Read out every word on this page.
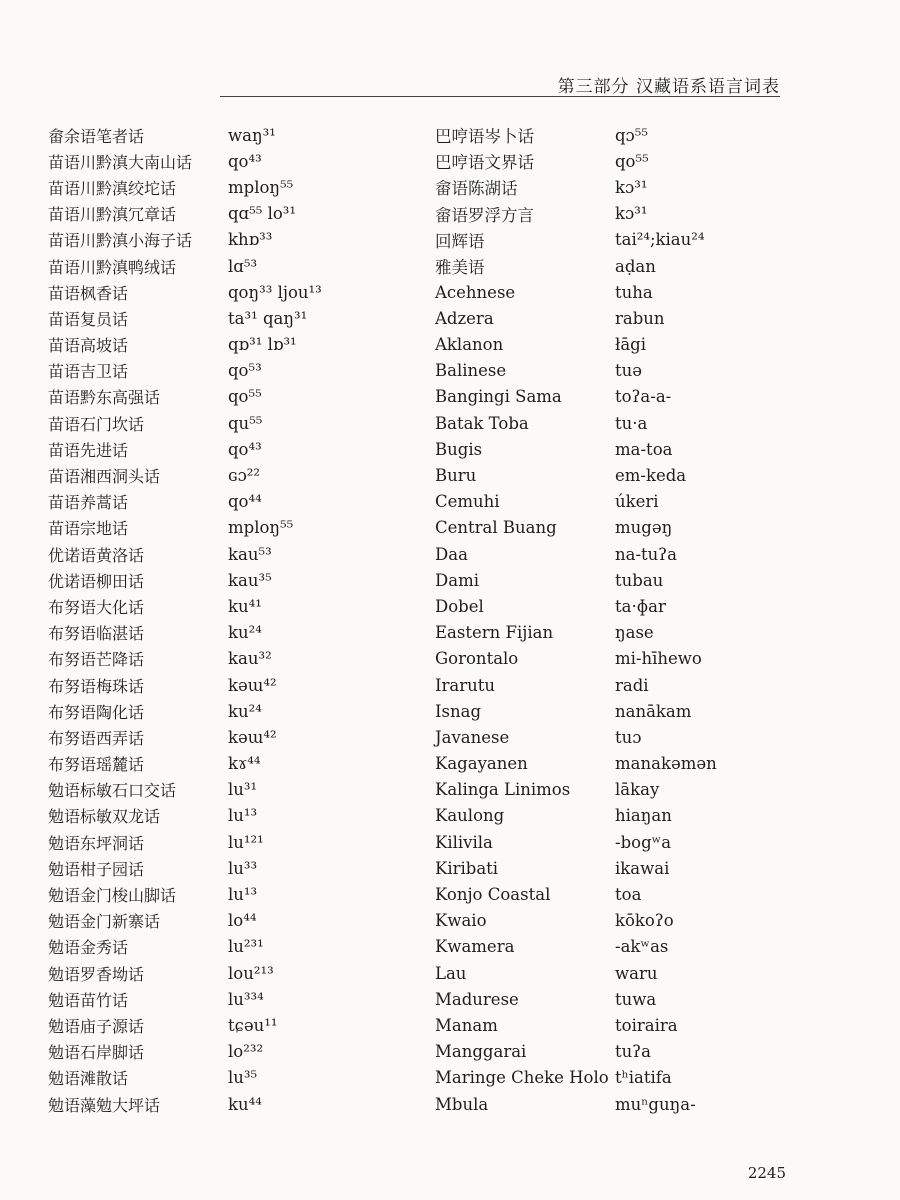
第三部分 汉藏语系语言词表
畲余语笔者话	waŋ³¹
苗语川黔滇大南山话	qo⁴³
苗语川黔滇绞坨话	mploŋ⁵⁵
苗语川黔滇冗章话	qɑ⁵⁵ lo³¹
苗语川黔滇小海子话	khɒ³³
苗语川黔滇鸭绒话	lɑ⁵³
苗语枫香话	qoŋ³³ ljou¹³
苗语复员话	ta³¹ qaŋ³¹
苗语高坡话	qɒ³¹ lɒ³¹
苗语吉卫话	qo⁵³
苗语黔东高强话	qo⁵⁵
苗语石门坎话	qu⁵⁵
苗语先进话	qo⁴³
苗语湘西洞头话	ɢɔ²²
苗语养蒿话	qo⁴⁴
苗语宗地话	mploŋ⁵⁵
优诺语黄洛话	kau⁵³
优诺语柳田话	kau³⁵
布努语大化话	ku⁴¹
布努语临湛话	ku²⁴
布努语芒降话	kau³²
布努语梅珠话	kəɯ⁴²
布努语陶化话	ku²⁴
布努语西弄话	kəɯ⁴²
布努语瑶麓话	kɤ⁴⁴
勉语标敏石口交话	lu³¹
勉语标敏双龙话	lu¹³
勉语东坪洞话	lu¹²¹
勉语柑子园话	lu³³
勉语金门梭山脚话	lu¹³
勉语金门新寨话	lo⁴⁴
勉语金秀话	lu²³¹
勉语罗香坳话	lou²¹³
勉语苗竹话	lu³³⁴
勉语庙子源话	tɕəu¹¹
勉语石岸脚话	lo²³²
勉语滩散话	lu³⁵
勉语藻勉大坪话	ku⁴⁴
巴哼语岑卜话	qɔ⁵⁵
巴哼语文界话	qo⁵⁵
畲语陈湖话	kɔ³¹
畲语罗浮方言	kɔ³¹
回辉语	tai²⁴;kiau²⁴
雅美语	aḍan
Acehnese	tuha
Adzera	rabun
Aklanon	łāgi
Balinese	tuə
Bangingi Sama	toʔa-a-
Batak Toba	tu·a
Bugis	ma-toa
Buru	em-keda
Cemuhi	úkeri
Central Buang	mugəŋ
Daa	na-tuʔa
Dami	tubau
Dobel	ta·ɸar
Eastern Fijian	ŋase
Gorontalo	mi-hīhewo
Irarutu	radi
Isnag	nanākam
Javanese	tuɔ
Kagayanen	manakəmən
Kalinga Linimos	lākay
Kaulong	hiaŋan
Kilivila	-bogʷa
Kiribati	ikawai
Konjo Coastal	toa
Kwaio	kōkoʔo
Kwamera	-akʷas
Lau	waru
Madurese	tuwa
Manam	toiraira
Manggarai	tuʔa
Maringe Cheke Holo tʰiatifa
Mbula	muⁿguŋa-
2245
